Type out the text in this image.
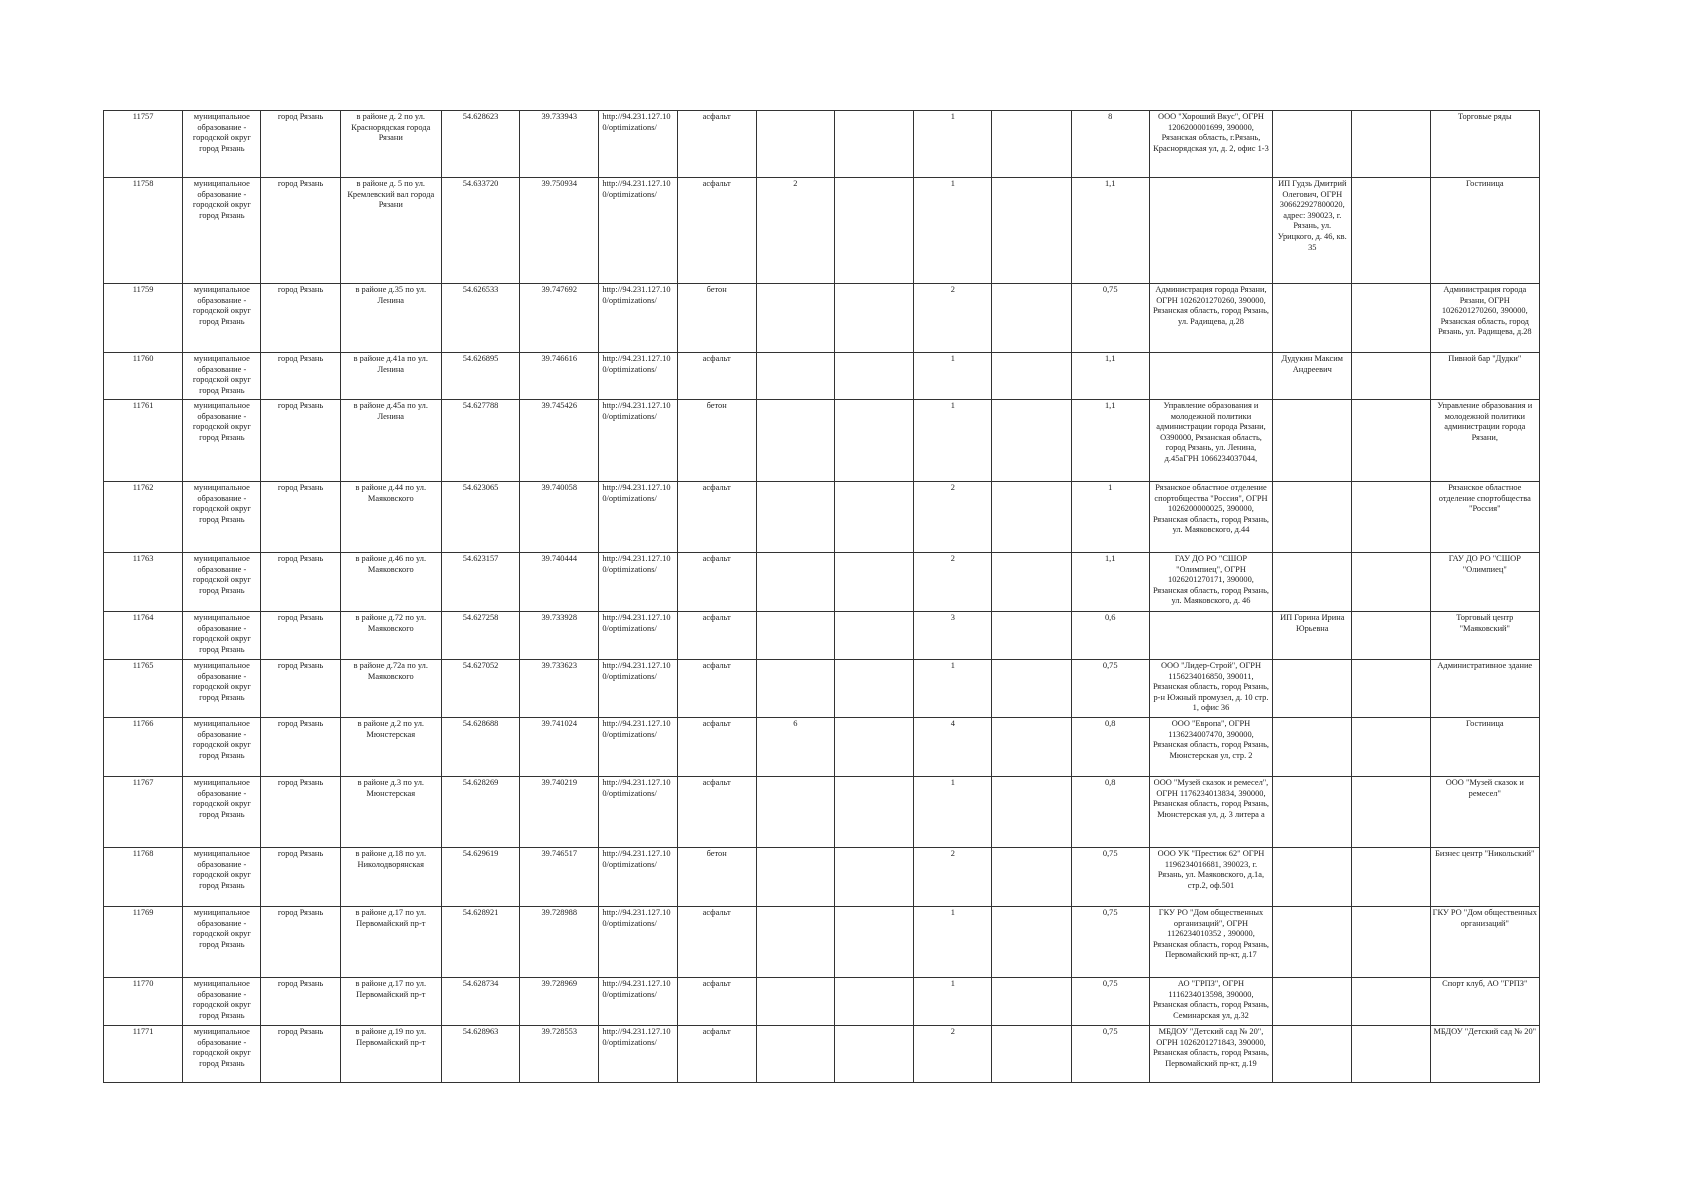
11757	муниципальное образование - городской округ город Рязань	город Рязань	в районе д. 2 по ул. Краснорядская города Рязани	54.628623	39.733943	http://94.231.127.100/optimizations/	асфальт			1		8	ООО "Хороший Вкус", ОГРН 1206200001699, 390000, Рязанская область, г.Рязань, Краснорядская ул, д. 2, офис 1-3			Торговые ряды
11758	муниципальное образование - городской округ город Рязань	город Рязань	в районе д. 5 по ул. Кремлевский вал города Рязани	54.633720	39.750934	http://94.231.127.100/optimizations/	асфальт	2		1		1,1		ИП Гудзь Дмитрий Олегович, ОГРН 306622927800020, адрес: 390023, г. Рязань, ул. Урицкого, д. 46, кв. 35		Гостиница
11759	муниципальное образование - городской округ город Рязань	город Рязань	в районе д.35 по ул. Ленина	54.626533	39.747692	http://94.231.127.100/optimizations/	бетон			2		0,75	Администрация города Рязани, ОГРН 1026201270260, 390000, Рязанская область, город Рязань, ул. Радищева, д.28			Администрация города Рязани, ОГРН 1026201270260, 390000, Рязанская область, город Рязань, ул. Радищева, д.28
11760	муниципальное образование - городской округ город Рязань	город Рязань	в районе д.41а по ул. Ленина	54.626895	39.746616	http://94.231.127.100/optimizations/	асфальт			1		1,1		Дудукин Максим Андреевич		Пивной бар "Дудки"
11761	муниципальное образование - городской округ город Рязань	город Рязань	в районе д.45а по ул. Ленина	54.627788	39.745426	http://94.231.127.100/optimizations/	бетон			1		1,1	Управление образования и молодежной политики администрации города Рязани, О390000, Рязанская область, город Рязань, ул. Ленина, д.45аГРН 1066234037044,			Управление образования и молодежной политики администрации города Рязани,
11762	муниципальное образование - городской округ город Рязань	город Рязань	в районе д.44 по ул. Маяковского	54.623065	39.740058	http://94.231.127.100/optimizations/	асфальт			2		1	Рязанское областное отделение спортобщества "Россия", ОГРН 1026200000025, 390000, Рязанская область, город Рязань, ул. Маяковского, д.44			Рязанское областное отделение спортобщества "Россия"
11763	муниципальное образование - городской округ город Рязань	город Рязань	в районе д.46 по ул. Маяковского	54.623157	39.740444	http://94.231.127.100/optimizations/	асфальт			2		1,1	ГАУ ДО РО "СШОР "Олимпиец", ОГРН 1026201270171, 390000, Рязанская область, город Рязань, ул. Маяковского, д. 46			ГАУ ДО РО "СШОР "Олимпиец"
11764	муниципальное образование - городской округ город Рязань	город Рязань	в районе д.72 по ул. Маяковского	54.627258	39.733928	http://94.231.127.100/optimizations/	асфальт			3		0,6		ИП Горина Ирина Юрьевна		Торговый центр "Маяковский"
11765	муниципальное образование - городской округ город Рязань	город Рязань	в районе д.72а по ул. Маяковского	54.627052	39.733623	http://94.231.127.100/optimizations/	асфальт			1		0,75	ООО "Лидер-Строй", ОГРН 1156234016850, 390011, Рязанская область, город Рязань, р-н Южный промузел, д. 10 стр. 1, офис 36			Административное здание
11766	муниципальное образование - городской округ город Рязань	город Рязань	в районе д.2 по ул. Мюнстерская	54.628688	39.741024	http://94.231.127.100/optimizations/	асфальт	6		4		0,8	ООО "Европа", ОГРН 1136234007470, 390000, Рязанская область, город Рязань, Мюнстерская ул, стр. 2			Гостиница
11767	муниципальное образование - городской округ город Рязань	город Рязань	в районе д.3 по ул. Мюнстерская	54.628269	39.740219	http://94.231.127.100/optimizations/	асфальт			1		0,8	ООО "Музей сказок и ремесел", ОГРН 1176234013834, 390000, Рязанская область, город Рязань, Мюнстерская ул, д. 3 литера а			ООО "Музей сказок и ремесел"
11768	муниципальное образование - городской округ город Рязань	город Рязань	в районе д.18 по ул. Николодворянская	54.629619	39.746517	http://94.231.127.100/optimizations/	бетон			2		0,75	ООО УК "Престиж 62" ОГРН 1196234016681, 390023, г. Рязань, ул. Маяковского, д.1а, стр.2, оф.501			Бизнес центр "Никольский"
11769	муниципальное образование - городской округ город Рязань	город Рязань	в районе д.17 по ул. Первомайский пр-т	54.628921	39.728988	http://94.231.127.100/optimizations/	асфальт			1		0,75	ГКУ РО "Дом общественных организаций", ОГРН 1126234010352 , 390000, Рязанская область, город Рязань, Первомайский пр-кт, д.17			ГКУ РО "Дом общественных организаций"
11770	муниципальное образование - городской округ город Рязань	город Рязань	в районе д.17 по ул. Первомайский пр-т	54.628734	39.728969	http://94.231.127.100/optimizations/	асфальт			1		0,75	АО "ГРПЗ", ОГРН 1116234013598, 390000, Рязанская область, город Рязань, Семинарская ул, д.32			Спорт клуб, АО "ГРПЗ"
11771	муниципальное образование - городской округ город Рязань	город Рязань	в районе д.19 по ул. Первомайский пр-т	54.628963	39.728553	http://94.231.127.100/optimizations/	асфальт			2		0,75	МБДОУ "Детский сад № 20", ОГРН 1026201271843, 390000, Рязанская область, город Рязань, Первомайский пр-кт, д.19			МБДОУ "Детский сад № 20"
